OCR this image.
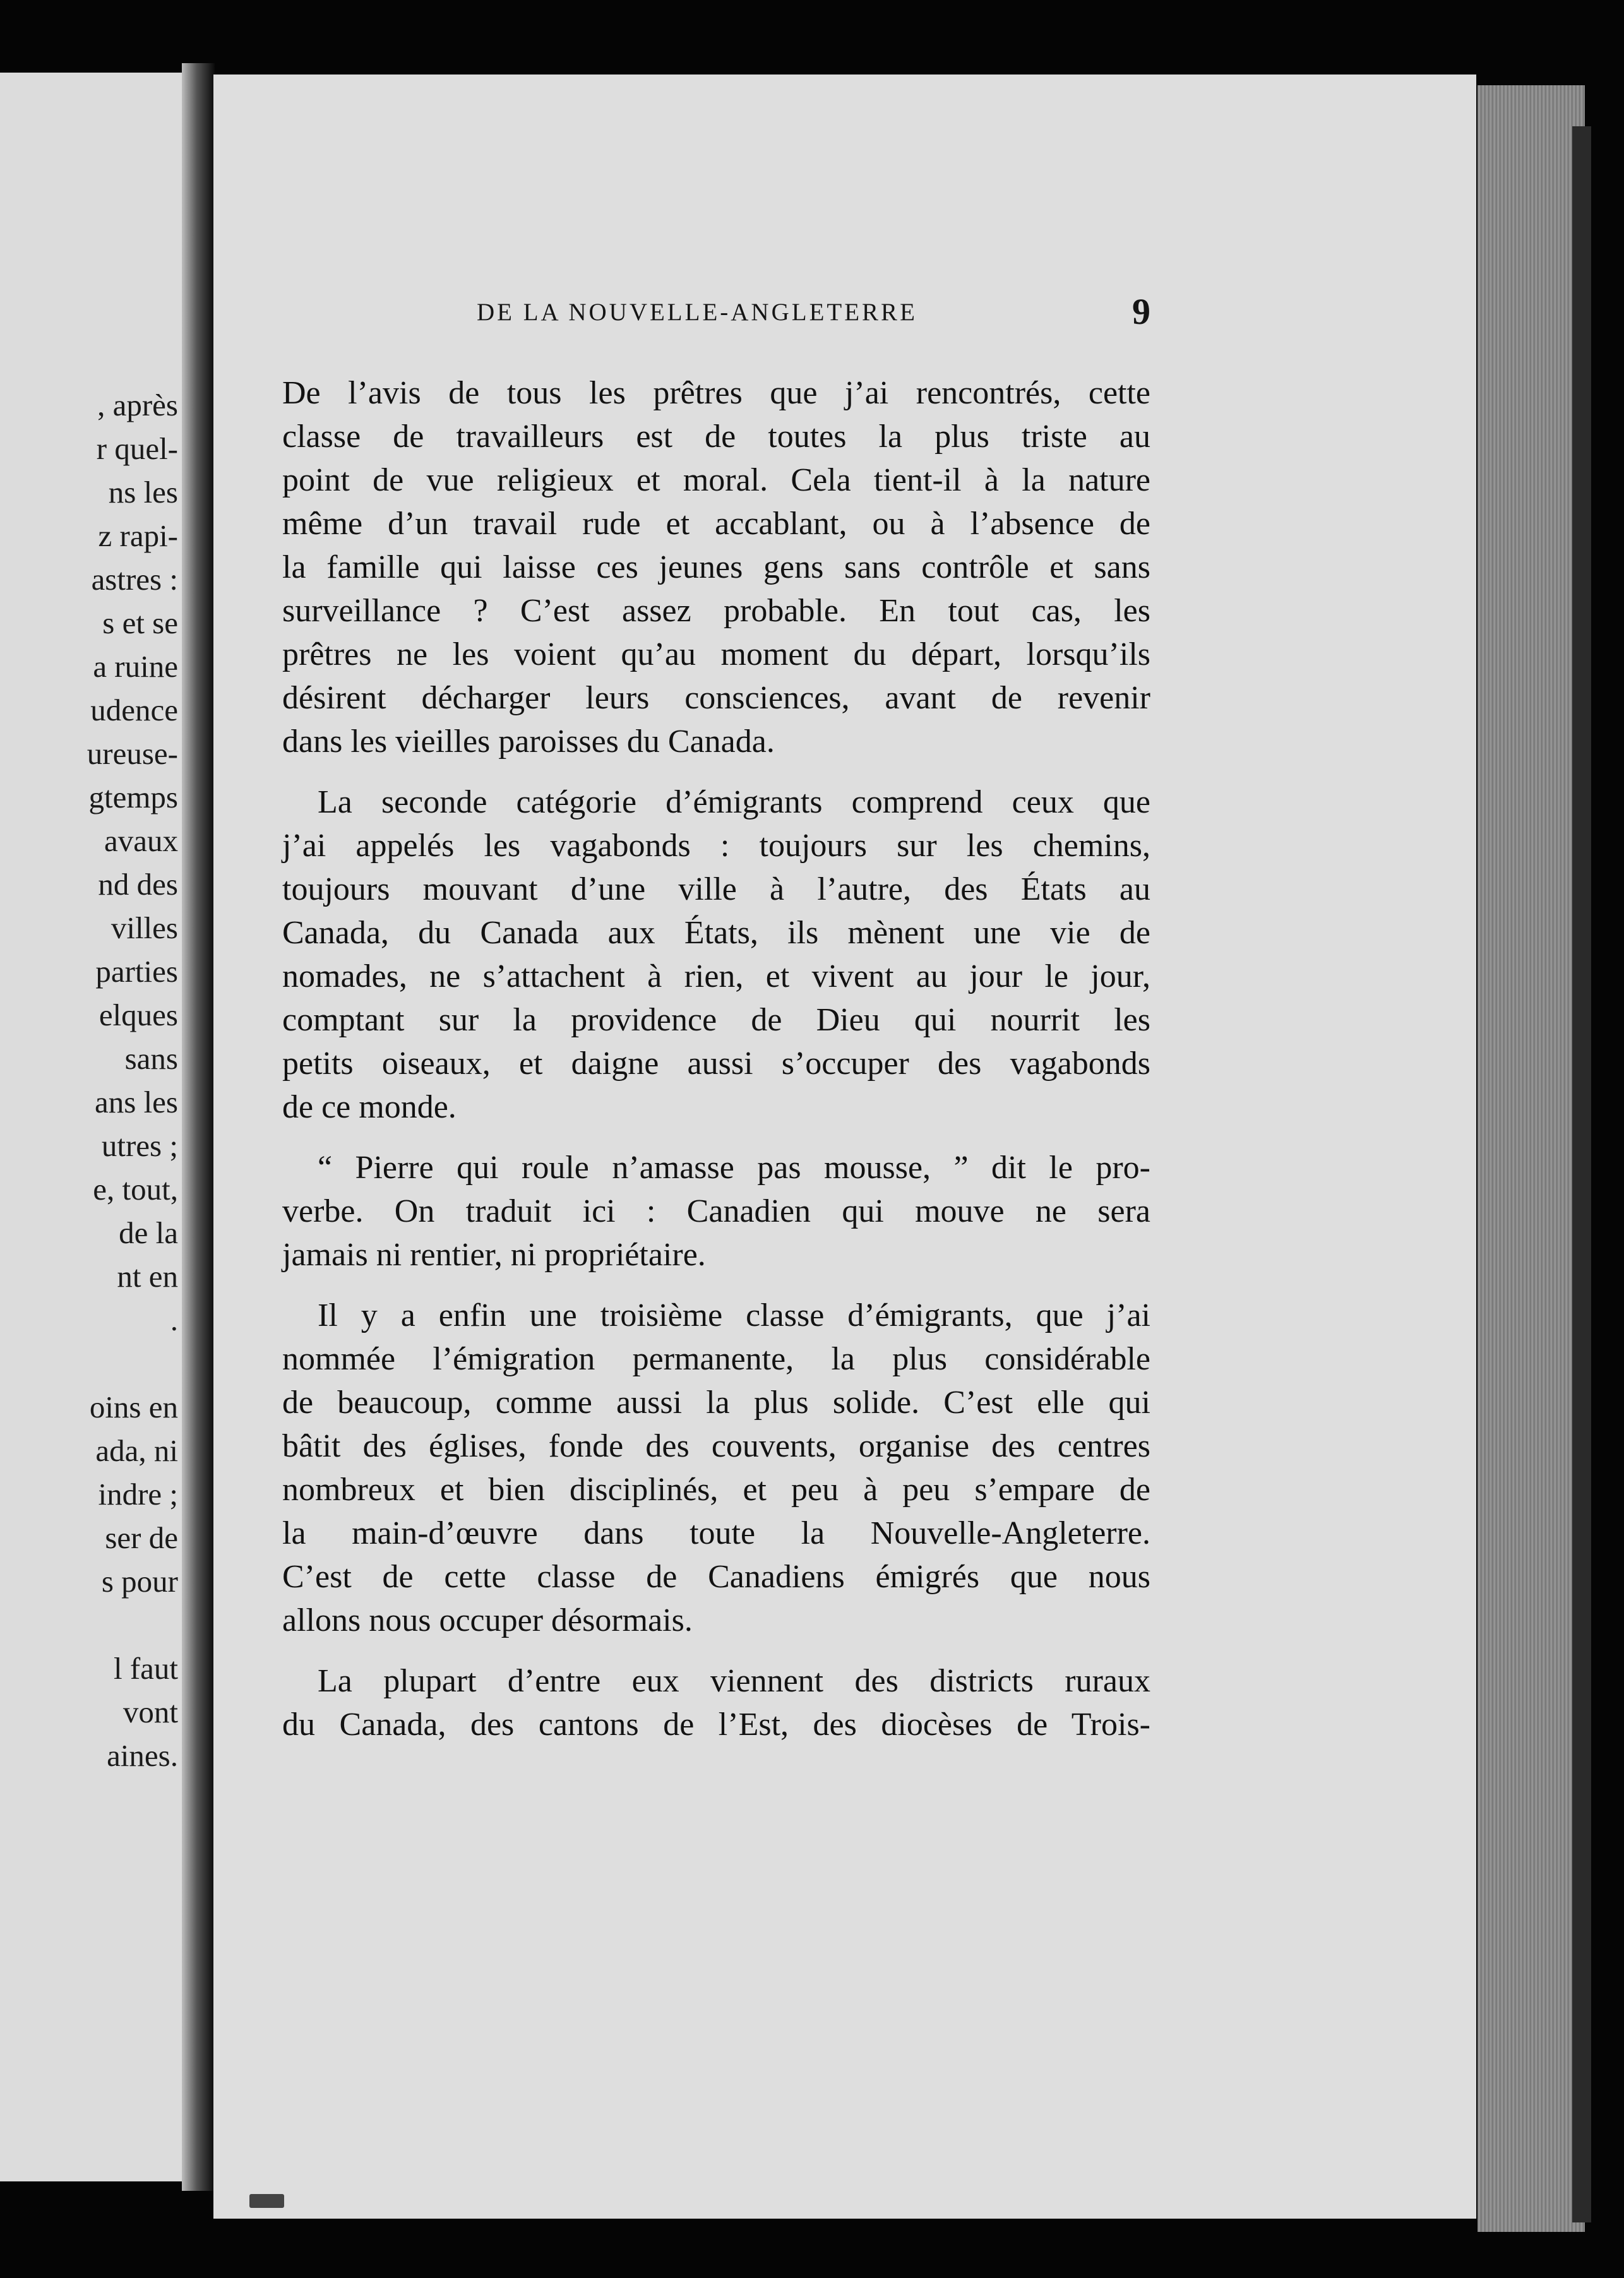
, après
r quel-
ns les
z rapi-
astres :
s et se
a ruine
udence
ureuse-
gtemps
avaux
nd des
villes
parties
elques
sans
ans les
utres ;
e, tout,
de la
nt en
.
oins en
ada, ni
indre ;
ser de
s pour
l faut
vont
aines.
DE LA NOUVELLE-ANGLETERRE	9
De l’avis de tous les prêtres que j’ai rencontrés, cette
classe de travailleurs est de toutes la plus triste au
point de vue religieux et moral. Cela tient-il à la nature
même d’un travail rude et accablant, ou à l’absence de
la famille qui laisse ces jeunes gens sans contrôle et sans
surveillance ? C’est assez probable. En tout cas, les
prêtres ne les voient qu’au moment du départ, lorsqu’ils
désirent décharger leurs consciences, avant de revenir
dans les vieilles paroisses du Canada.
La seconde catégorie d’émigrants comprend ceux que
j’ai appelés les vagabonds : toujours sur les chemins,
toujours mouvant d’une ville à l’autre, des États au
Canada, du Canada aux États, ils mènent une vie de
nomades, ne s’attachent à rien, et vivent au jour le jour,
comptant sur la providence de Dieu qui nourrit les
petits oiseaux, et daigne aussi s’occuper des vagabonds
de ce monde.
“ Pierre qui roule n’amasse pas mousse, ” dit le pro-
verbe. On traduit ici : Canadien qui mouve ne sera
jamais ni rentier, ni propriétaire.
Il y a enfin une troisième classe d’émigrants, que j’ai
nommée l’émigration permanente, la plus considérable
de beaucoup, comme aussi la plus solide. C’est elle qui
bâtit des églises, fonde des couvents, organise des centres
nombreux et bien disciplinés, et peu à peu s’empare de
la main-d’œuvre dans toute la Nouvelle-Angleterre.
C’est de cette classe de Canadiens émigrés que nous
allons nous occuper désormais.
La plupart d’entre eux viennent des districts ruraux
du Canada, des cantons de l’Est, des diocèses de Trois-
